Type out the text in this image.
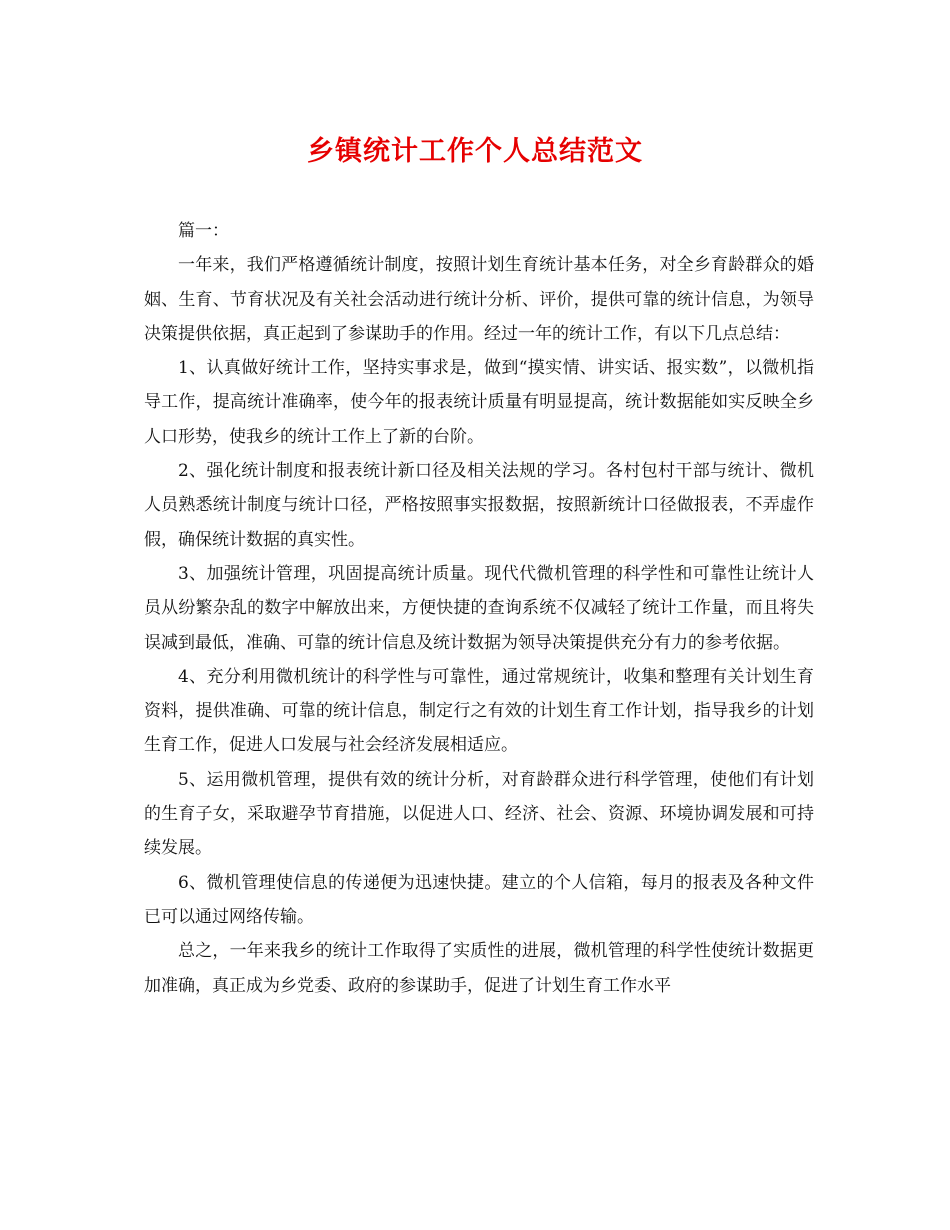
乡镇统计工作个人总结范文

篇一：

一年来，我们严格遵循统计制度，按照计划生育统计基本任务，对全乡育龄群众的婚姻、生育、节育状况及有关社会活动进行统计分析、评价，提供可靠的统计信息，为领导决策提供依据，真正起到了参谋助手的作用。经过一年的统计工作，有以下几点总结：

1、认真做好统计工作，坚持实事求是，做到“摸实情、讲实话、报实数”，以微机指导工作，提高统计准确率，使今年的报表统计质量有明显提高，统计数据能如实反映全乡人口形势，使我乡的统计工作上了新的台阶。

2、强化统计制度和报表统计新口径及相关法规的学习。各村包村干部与统计、微机人员熟悉统计制度与统计口径，严格按照事实报数据，按照新统计口径做报表，不弄虚作假，确保统计数据的真实性。

3、加强统计管理，巩固提高统计质量。现代代微机管理的科学性和可靠性让统计人员从纷繁杂乱的数字中解放出来，方便快捷的查询系统不仅减轻了统计工作量，而且将失误减到最低，准确、可靠的统计信息及统计数据为领导决策提供充分有力的参考依据。

4、充分利用微机统计的科学性与可靠性，通过常规统计，收集和整理有关计划生育资料，提供准确、可靠的统计信息，制定行之有效的计划生育工作计划，指导我乡的计划生育工作，促进人口发展与社会经济发展相适应。

5、运用微机管理，提供有效的统计分析，对育龄群众进行科学管理，使他们有计划的生育子女，采取避孕节育措施，以促进人口、经济、社会、资源、环境协调发展和可持续发展。

6、微机管理使信息的传递便为迅速快捷。建立的个人信箱，每月的报表及各种文件已可以通过网络传输。

总之，一年来我乡的统计工作取得了实质性的进展，微机管理的科学性使统计数据更加准确，真正成为乡党委、政府的参谋助手，促进了计划生育工作水平
